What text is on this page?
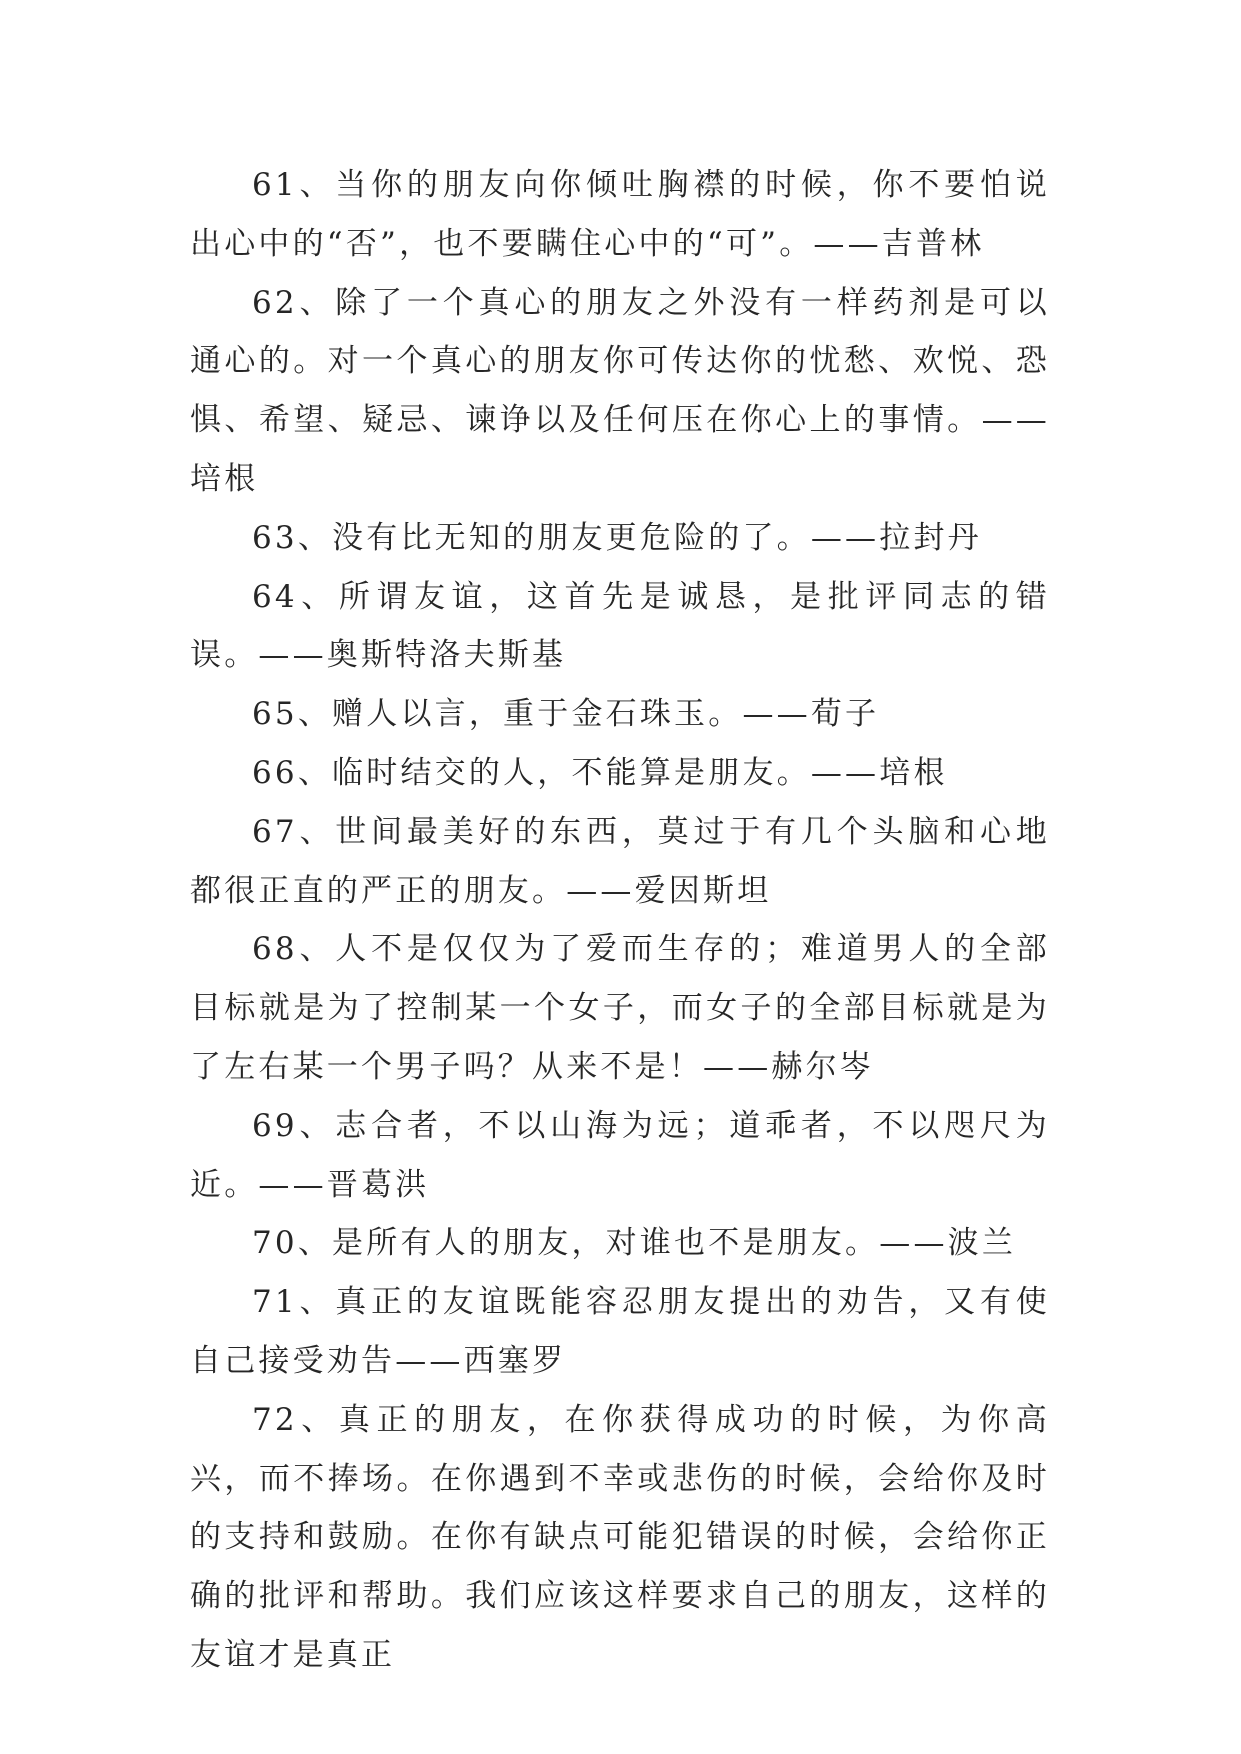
61、当你的朋友向你倾吐胸襟的时候，你不要怕说出心中的“否”，也不要瞒住心中的“可”。——吉普林

62、除了一个真心的朋友之外没有一样药剂是可以通心的。对一个真心的朋友你可传达你的忧愁、欢悦、恐惧、希望、疑忌、谏诤以及任何压在你心上的事情。——培根

63、没有比无知的朋友更危险的了。——拉封丹

64、所谓友谊，这首先是诚恳，是批评同志的错误。——奥斯特洛夫斯基

65、赠人以言，重于金石珠玉。——荀子

66、临时结交的人，不能算是朋友。——培根

67、世间最美好的东西，莫过于有几个头脑和心地都很正直的严正的朋友。——爱因斯坦

68、人不是仅仅为了爱而生存的；难道男人的全部目标就是为了控制某一个女子，而女子的全部目标就是为了左右某一个男子吗？从来不是！——赫尔岑

69、志合者，不以山海为远；道乖者，不以咫尺为近。——晋葛洪

70、是所有人的朋友，对谁也不是朋友。——波兰

71、真正的友谊既能容忍朋友提出的劝告，又有使自己接受劝告——西塞罗

72、真正的朋友，在你获得成功的时候，为你高兴，而不捧场。在你遇到不幸或悲伤的时候，会给你及时的支持和鼓励。在你有缺点可能犯错误的时候，会给你正确的批评和帮助。我们应该这样要求自己的朋友，这样的友谊才是真正
